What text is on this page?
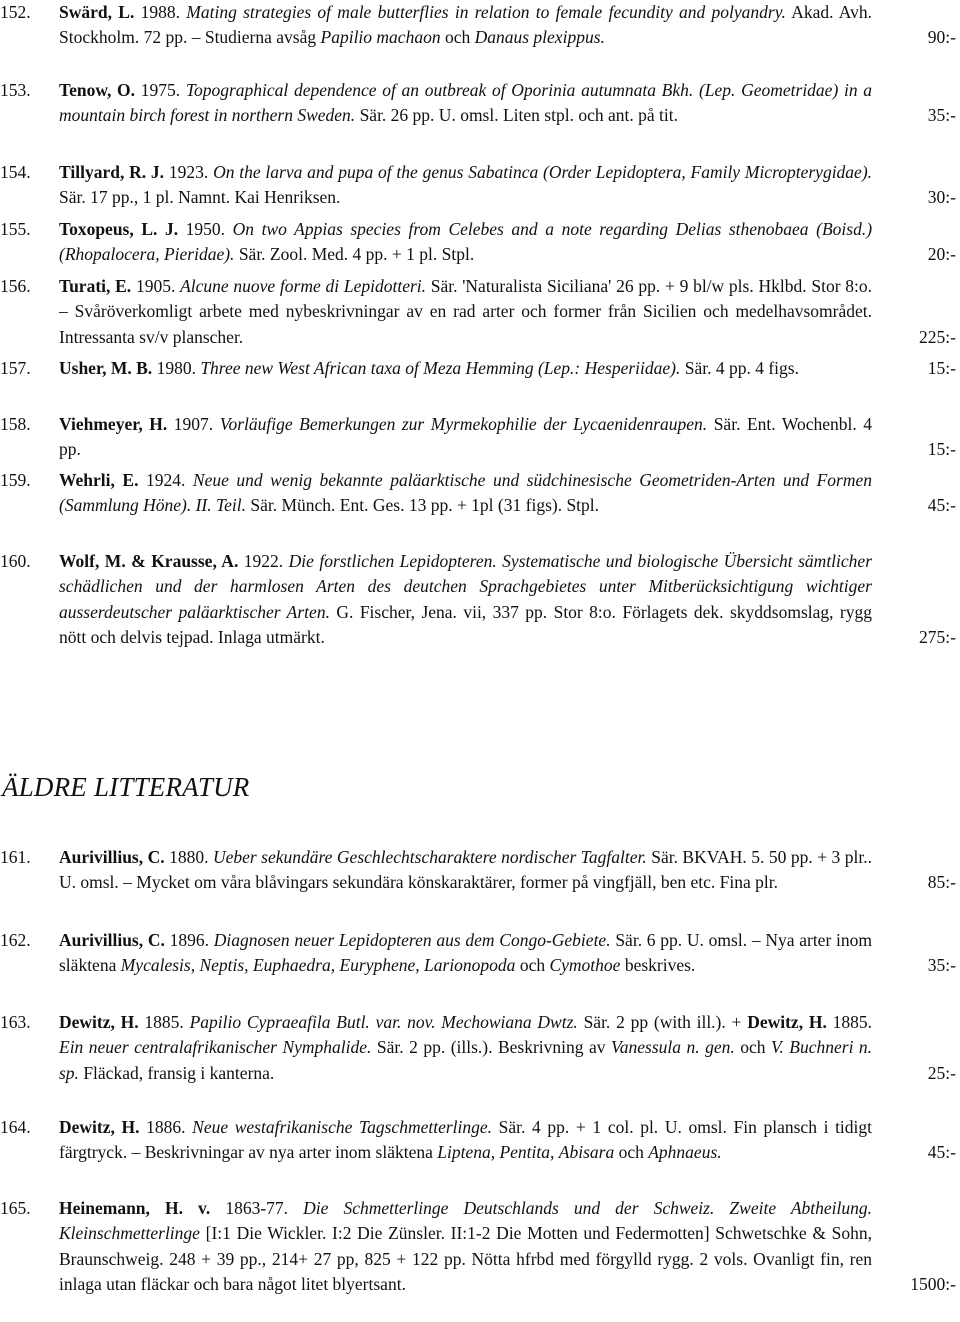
152.	Swärd, L. 1988. Mating strategies of male butterflies in relation to female fecundity and polyandry. Akad. Avh. Stockholm. 72 pp. – Studierna avsåg Papilio machaon och Danaus plexippus.	90:-
153.	Tenow, O. 1975. Topographical dependence of an outbreak of Oporinia autumnata Bkh. (Lep. Geometridae) in a mountain birch forest in northern Sweden. Sär. 26 pp. U. omsl. Liten stpl. och ant. på tit.	35:-
154.	Tillyard, R. J. 1923. On the larva and pupa of the genus Sabatinca (Order Lepidoptera, Family Micropterygidae). Sär. 17 pp., 1 pl. Namnt. Kai Henriksen.	30:-
155.	Toxopeus, L. J. 1950. On two Appias species from Celebes and a note regarding Delias sthenobaea (Boisd.) (Rhopalocera, Pieridae). Sär. Zool. Med. 4 pp. + 1 pl. Stpl.	20:-
156.	Turati, E. 1905. Alcune nuove forme di Lepidotteri. Sär. 'Naturalista Siciliana' 26 pp. + 9 bl/w pls. Hklbd. Stor 8:o. – Svåröverkomligt arbete med nybeskrivningar av en rad arter och former från Sicilien och medelhavsområdet. Intressanta sv/v planscher.	225:-
157.	Usher, M. B. 1980. Three new West African taxa of Meza Hemming (Lep.: Hesperiidae). Sär. 4 pp. 4 figs.	15:-
158.	Viehmeyer, H. 1907. Vorläufige Bemerkungen zur Myrmekophilie der Lycaenidenraupen. Sär. Ent. Wochenbl. 4 pp.	15:-
159.	Wehrli, E. 1924. Neue und wenig bekannte paläarktische und südchinesische Geometriden-Arten und Formen (Sammlung Höne). II. Teil. Sär. Münch. Ent. Ges. 13 pp. + 1pl (31 figs). Stpl.	45:-
160.	Wolf, M. & Krausse, A. 1922. Die forstlichen Lepidopteren. Systematische und biologische Übersicht sämtlicher schädlichen und der harmlosen Arten des deutchen Sprachgebietes unter Mitberücksichtigung wichtiger ausserdeutscher paläarktischer Arten. G. Fischer, Jena. vii, 337 pp. Stor 8:o. Förlagets dek. skyddsomslag, rygg nött och delvis tejpad. Inlaga utmärkt.	275:-
ÄLDRE LITTERATUR
161.	Aurivillius, C. 1880. Ueber sekundäre Geschlechtscharaktere nordischer Tagfalter. Sär. BKVAH. 5. 50 pp. + 3 plr.. U. omsl. – Mycket om våra blåvingars sekundära könskaraktärer, former på vingfjäll, ben etc. Fina plr.	85:-
162.	Aurivillius, C. 1896. Diagnosen neuer Lepidopteren aus dem Congo-Gebiete. Sär. 6 pp. U. omsl. – Nya arter inom släktena Mycalesis, Neptis, Euphaedra, Euryphene, Larionopoda och Cymothoe beskrives.	35:-
163.	Dewitz, H. 1885. Papilio Cypraeafila Butl. var. nov. Mechowiana Dwtz. Sär. 2 pp (with ill.). + Dewitz, H. 1885. Ein neuer centralafrikanischer Nymphalide. Sär. 2 pp. (ills.). Beskrivning av Vanessula n. gen. och V. Buchneri n. sp. Fläckad, fransig i kanterna.	25:-
164.	Dewitz, H. 1886. Neue westafrikanische Tagschmetterlinge. Sär. 4 pp. + 1 col. pl. U. omsl. Fin plansch i tidigt färgtryck. – Beskrivningar av nya arter inom släktena Liptena, Pentita, Abisara och Aphnaeus.	45:-
165.	Heinemann, H. v. 1863-77. Die Schmetterlinge Deutschlands und der Schweiz. Zweite Abtheilung. Kleinschmetterlinge [I:1 Die Wickler. I:2 Die Zünsler. II:1-2 Die Motten und Federmotten] Schwetschke & Sohn, Braunschweig. 248 + 39 pp., 214+ 27 pp, 825 + 122 pp. Nötta hfrbd med förgylld rygg. 2 vols. Ovanligt fin, ren inlaga utan fläckar och bara något litet blyertsant.	1500:-
